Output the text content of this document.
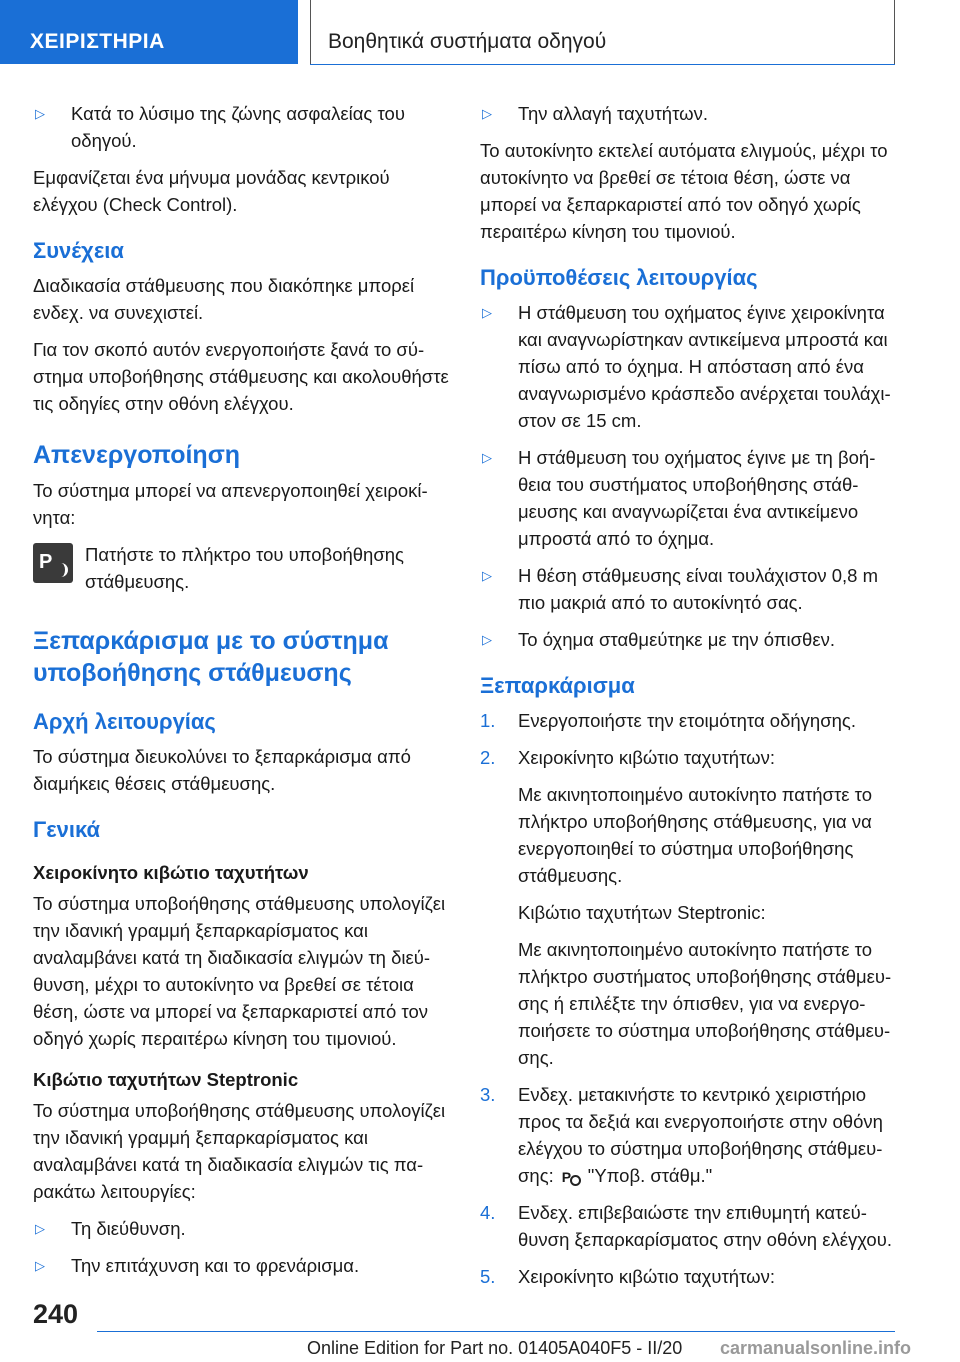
ΧΕΙΡΙΣΤΗΡΙΑ	Βοηθητικά συστήματα οδηγού
▷ Κατά το λύσιμο της ζώνης ασφαλείας του οδηγού.

Εμφανίζεται ένα μήνυμα μονάδας κεντρικού ελέγχου (Check Control).

Συνέχεια

Διαδικασία στάθμευσης που διακόπηκε μπορεί ενδεχ. να συνεχιστεί.

Για τον σκοπό αυτόν ενεργοποιήστε ξανά το σύστημα υποβοήθησης στάθμευσης και ακολουθήστε τις οδηγίες στην οθόνη ελέγχου.

Απενεργοποίηση

Το σύστημα μπορεί να απενεργοποιηθεί χειροκίνητα:

P Πατήστε το πλήκτρο του υποβοήθησης στάθμευσης.
Ξεπαρκάρισμα με το σύστημα υποβοήθησης στάθμευσης
Αρχή λειτουργίας

Το σύστημα διευκολύνει το ξεπαρκάρισμα από διαμήκεις θέσεις στάθμευσης.

Γενικά
Χειροκίνητο κιβώτιο ταχυτήτων

Το σύστημα υποβοήθησης στάθμευσης υπολογίζει την ιδανική γραμμή ξεπαρκαρίσματος και αναλαμβάνει κατά τη διαδικασία ελιγμών τη διεύθυνση, μέχρι το αυτοκίνητο να βρεθεί σε τέτοια θέση, ώστε να μπορεί να ξεπαρκαριστεί από τον οδηγό χωρίς περαιτέρω κίνηση του τιμονιού.

Κιβώτιο ταχυτήτων Steptronic

Το σύστημα υποβοήθησης στάθμευσης υπολογίζει την ιδανική γραμμή ξεπαρκαρίσματος και αναλαμβάνει κατά τη διαδικασία ελιγμών τις παρακάτω λειτουργίες:

▷ Τη διεύθυνση.
▷ Την επιτάχυνση και το φρενάρισμα.
▷ Την αλλαγή ταχυτήτων.

Το αυτοκίνητο εκτελεί αυτόματα ελιγμούς, μέχρι το αυτοκίνητο να βρεθεί σε τέτοια θέση, ώστε να μπορεί να ξεπαρκαριστεί από τον οδηγό χωρίς περαιτέρω κίνηση του τιμονιού.

Προϋποθέσεις λειτουργίας
▷ Η στάθμευση του οχήματος έγινε χειροκίνητα και αναγνωρίστηκαν αντικείμενα μπροστά και πίσω από το όχημα. Η απόσταση από ένα αναγνωρισμένο κράσπεδο ανέρχεται τουλάχιστον σε 15 cm.
▷ Η στάθμευση του οχήματος έγινε με τη βοήθεια του συστήματος υποβοήθησης στάθμευσης και αναγνωρίζεται ένα αντικείμενο μπροστά από το όχημα.
▷ Η θέση στάθμευσης είναι τουλάχιστον 0,8 m πιο μακριά από το αυτοκίνητό σας.
▷ Το όχημα σταθμεύτηκε με την όπισθεν.
Ξεπαρκάρισμα
1. Ενεργοποιήστε την ετοιμότητα οδήγησης.
2. Χειροκίνητο κιβώτιο ταχυτήτων:

Με ακινητοποιημένο αυτοκίνητο πατήστε το πλήκτρο υποβοήθησης στάθμευσης, για να ενεργοποιηθεί το σύστημα υποβοήθησης στάθμευσης.

Κιβώτιο ταχυτήτων Steptronic:

Με ακινητοποιημένο αυτοκίνητο πατήστε το πλήκτρο συστήματος υποβοήθησης στάθμευσης ή επιλέξτε την όπισθεν, για να ενεργοποιήσετε το σύστημα υποβοήθησης στάθμευσης.

3. Ενδεχ. μετακινήστε το κεντρικό χειριστήριο προς τα δεξιά και ενεργοποιήστε στην οθόνη ελέγχου το σύστημα υποβοήθησης στάθμευσης: P "Υποβ. στάθμ."
4. Ενδεχ. επιβεβαιώστε την επιθυμητή κατεύθυνση ξεπαρκαρίσματος στην οθόνη ελέγχου.
5. Χειροκίνητο κιβώτιο ταχυτήτων:
240
Online Edition for Part no. 01405A040F5 - II/20 carmanualsonline.info
